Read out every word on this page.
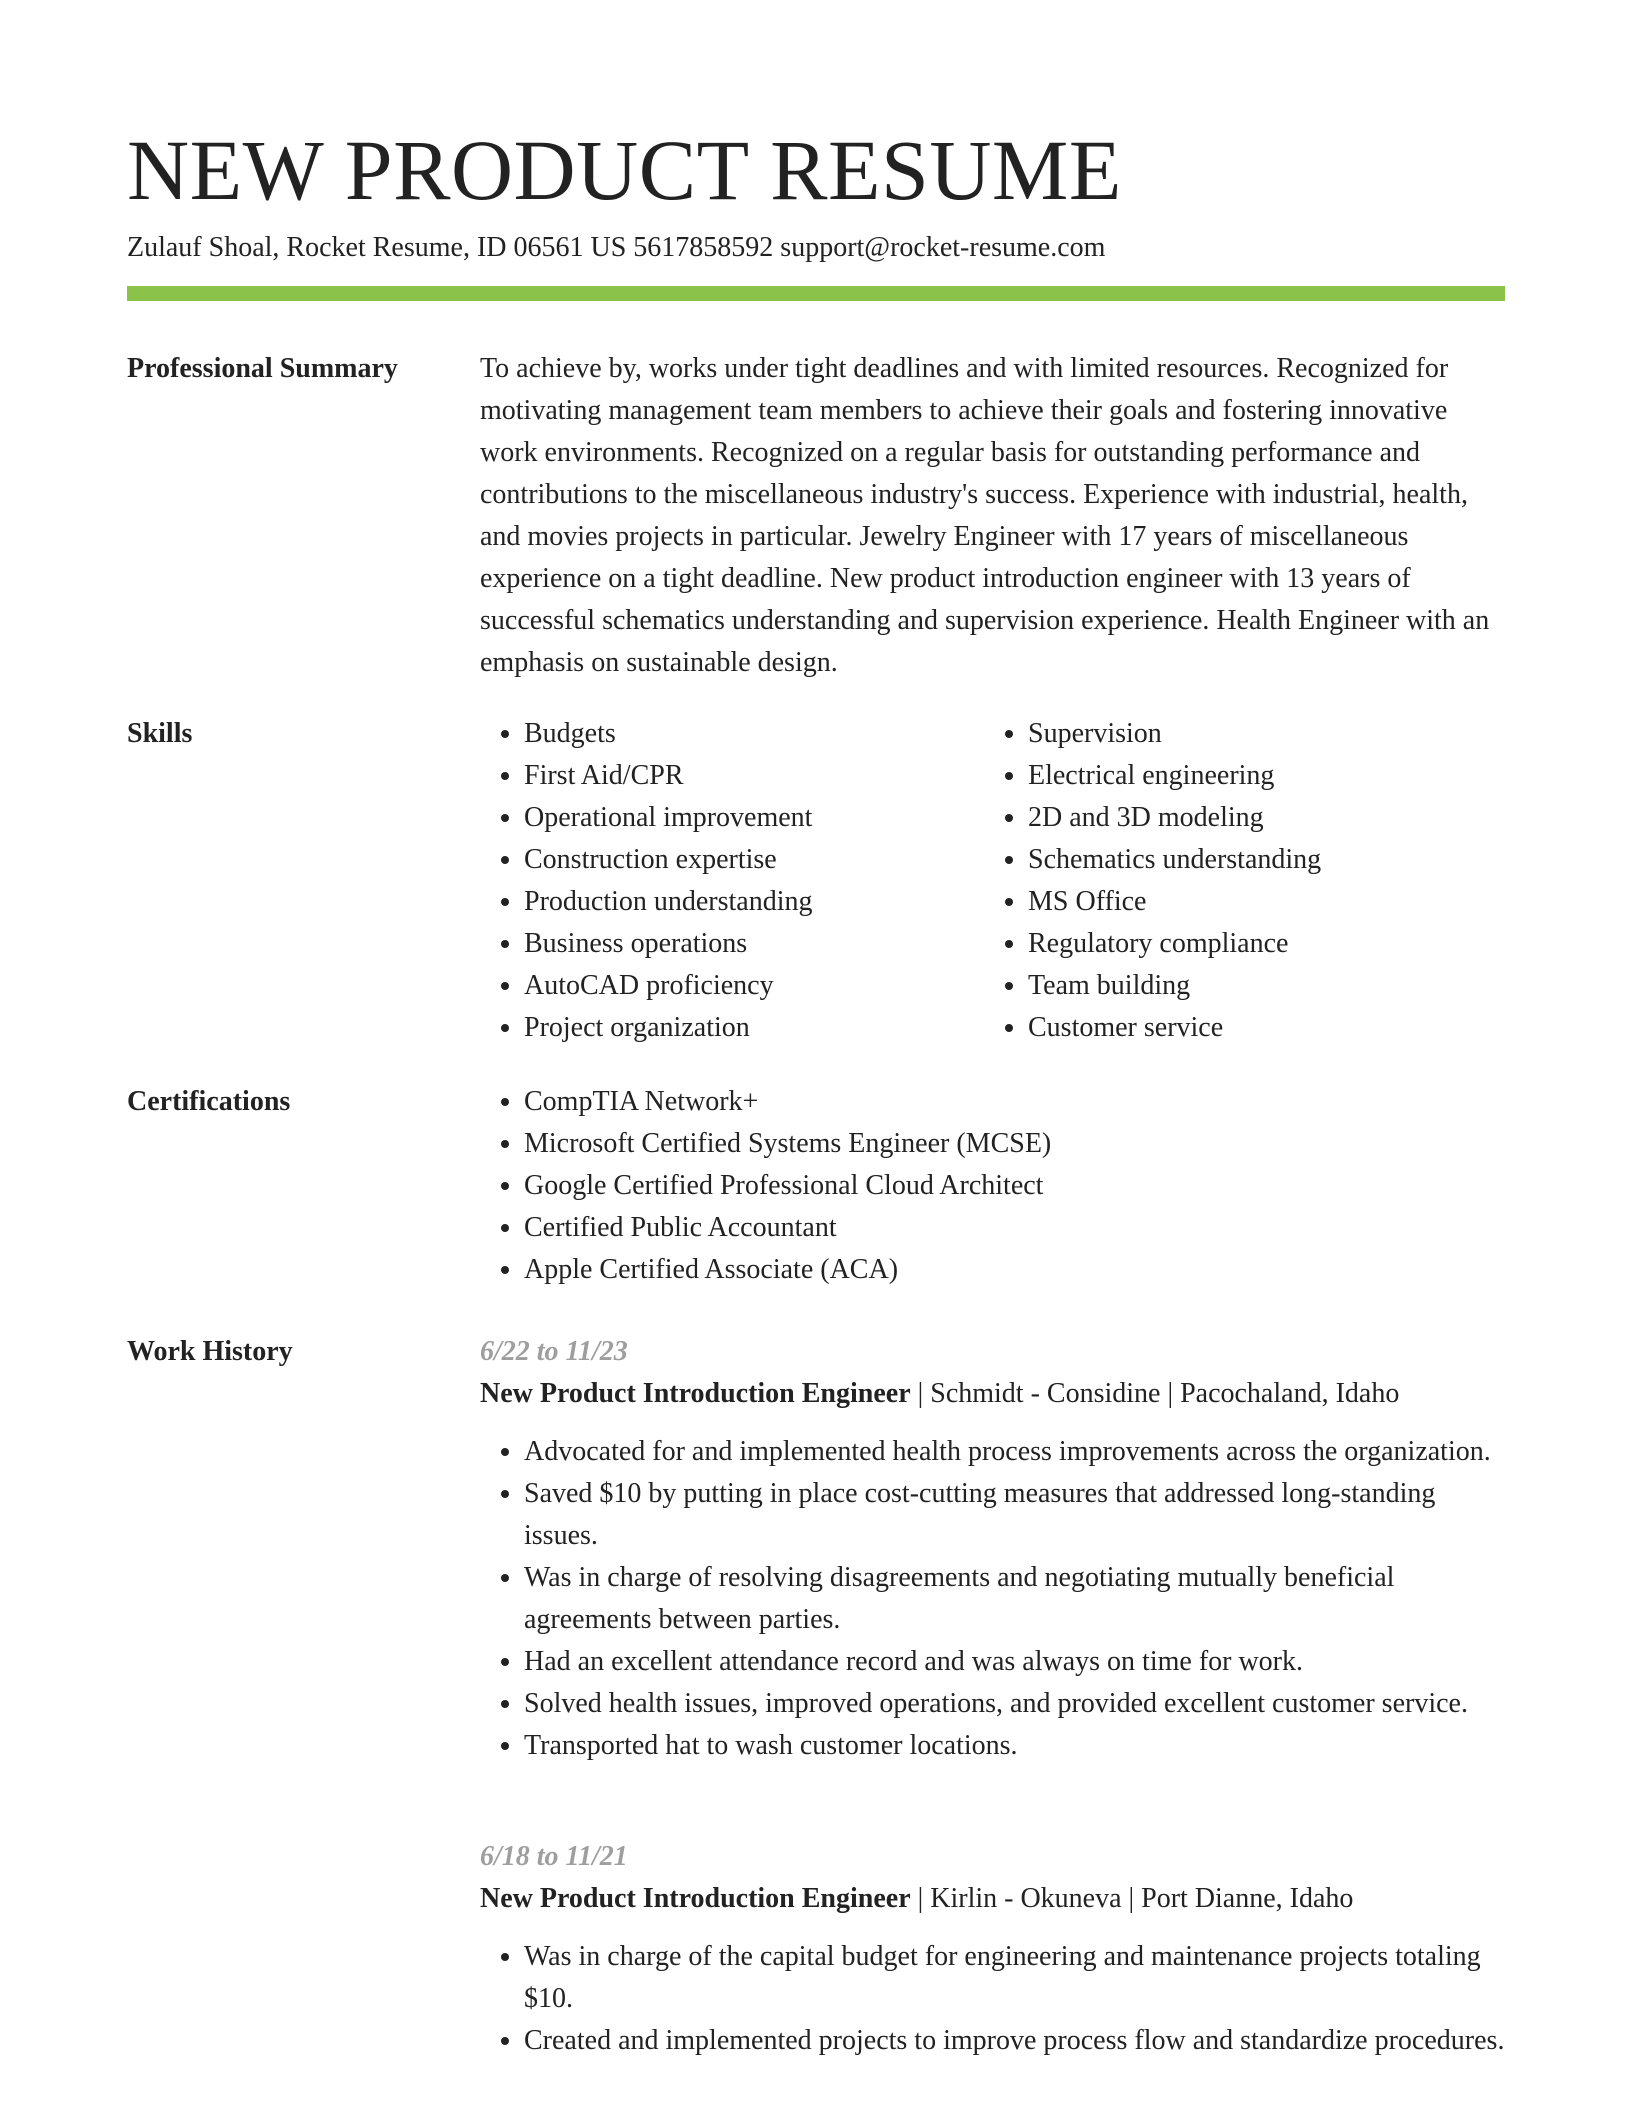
NEW PRODUCT RESUME
Zulauf Shoal, Rocket Resume, ID 06561 US 5617858592 support@rocket-resume.com
Professional Summary	To achieve by, works under tight deadlines and with limited resources. Recognized for motivating management team members to achieve their goals and fostering innovative work environments. Recognized on a regular basis for outstanding performance and contributions to the miscellaneous industry's success. Experience with industrial, health, and movies projects in particular. Jewelry Engineer with 17 years of miscellaneous experience on a tight deadline. New product introduction engineer with 13 years of successful schematics understanding and supervision experience. Health Engineer with an emphasis on sustainable design.

Skills	• Budgets
• First Aid/CPR
• Operational improvement
• Construction expertise
• Production understanding
• Business operations
• AutoCAD proficiency
• Project organization
• Supervision
• Electrical engineering
• 2D and 3D modeling
• Schematics understanding
• MS Office
• Regulatory compliance
• Team building
• Customer service
Certifications	• CompTIA Network+
• Microsoft Certified Systems Engineer (MCSE)
• Google Certified Professional Cloud Architect
• Certified Public Accountant
• Apple Certified Associate (ACA)
Work History	6/22 to 11/23
New Product Introduction Engineer | Schmidt - Considine | Pacochaland, Idaho
• Advocated for and implemented health process improvements across the organization.
• Saved $10 by putting in place cost-cutting measures that addressed long-standing issues.
• Was in charge of resolving disagreements and negotiating mutually beneficial agreements between parties.
• Had an excellent attendance record and was always on time for work.
• Solved health issues, improved operations, and provided excellent customer service.
• Transported hat to wash customer locations.
6/18 to 11/21
New Product Introduction Engineer | Kirlin - Okuneva | Port Dianne, Idaho
• Was in charge of the capital budget for engineering and maintenance projects totaling $10.
• Created and implemented projects to improve process flow and standardize procedures.
